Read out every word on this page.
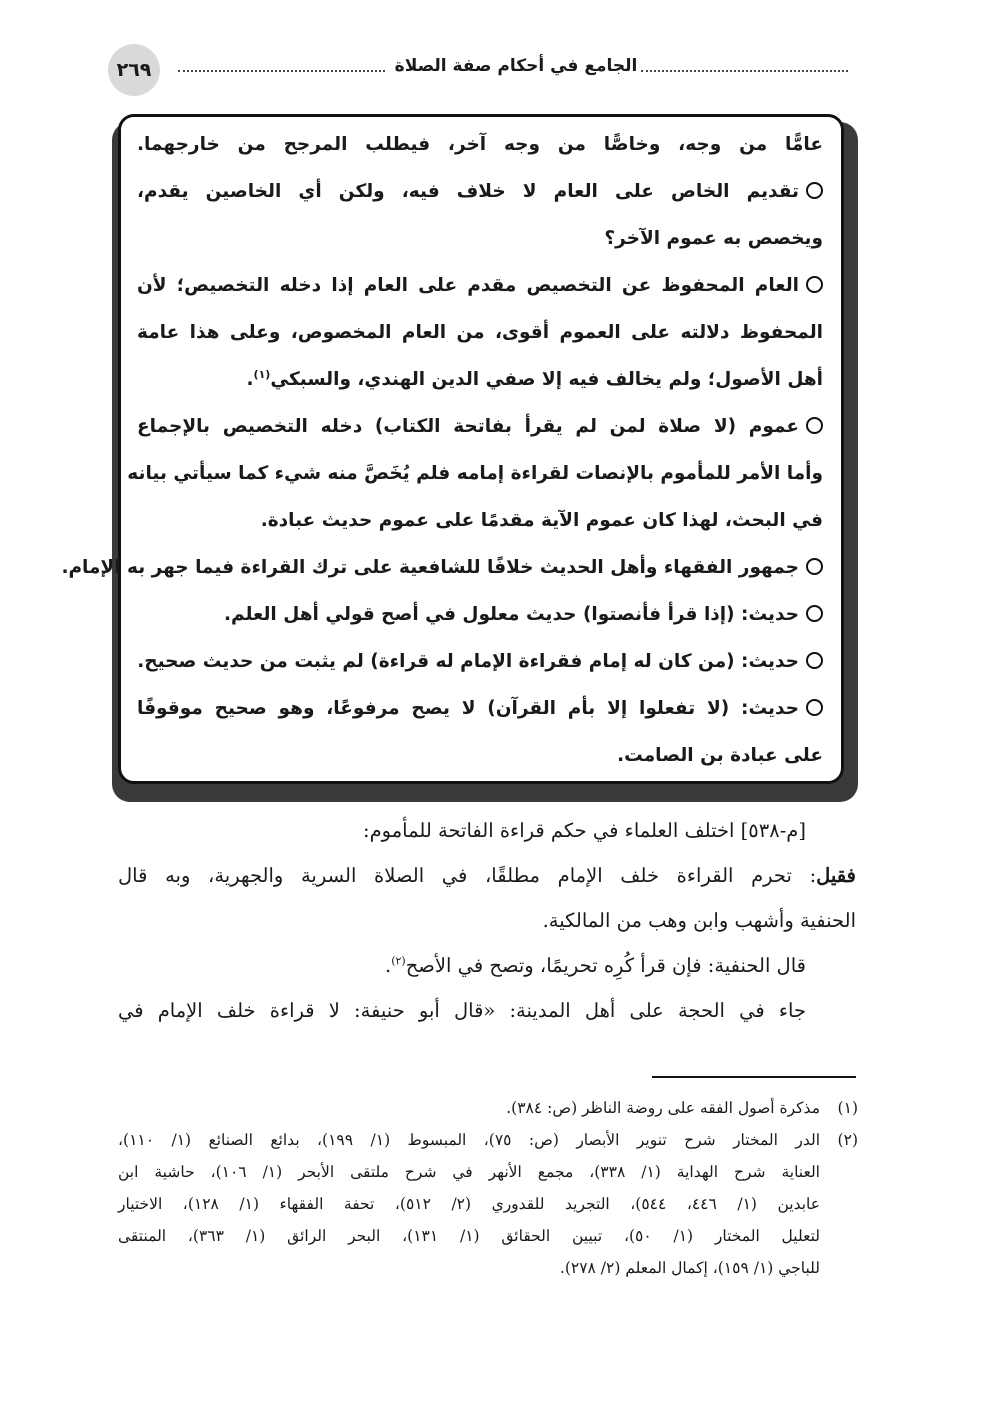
الجامع في أحكام صفة الصلاة
٢٦٩
عامًّا من وجه، وخاصًّا من وجه آخر، فيطلب المرجح من خارجهما.
تقديم الخاص على العام لا خلاف فيه، ولكن أي الخاصين يقدم،
ويخصص به عموم الآخر؟
العام المحفوظ عن التخصيص مقدم على العام إذا دخله التخصيص؛ لأن
المحفوظ دلالته على العموم أقوى، من العام المخصوص، وعلى هذا عامة
أهل الأصول؛ ولم يخالف فيه إلا صفي الدين الهندي، والسبكي$^{(١)}$.
عموم (لا صلاة لمن لم يقرأ بفاتحة الكتاب) دخله التخصيص بالإجماع
وأما الأمر للمأموم بالإنصات لقراءة إمامه فلم يُخَصَّ منه شيء كما سيأتي بيانه
في البحث، لهذا كان عموم الآية مقدمًا على عموم حديث عبادة.
جمهور الفقهاء وأهل الحديث خلافًا للشافعية على ترك القراءة فيما جهر به الإمام.
حديث: (إذا قرأ فأنصتوا) حديث معلول في أصح قولي أهل العلم.
حديث: (من كان له إمام فقراءة الإمام له قراءة) لم يثبت من حديث صحيح.
حديث: (لا تفعلوا إلا بأم القرآن) لا يصح مرفوعًا، وهو صحيح موقوفًا
على عبادة بن الصامت.
[م-٥٣٨] اختلف العلماء في حكم قراءة الفاتحة للمأموم:
فقيل: تحرم القراءة خلف الإمام مطلقًا، في الصلاة السرية والجهرية، وبه قال
الحنفية وأشهب وابن وهب من المالكية.
قال الحنفية: فإن قرأ كُرِه تحريمًا، وتصح في الأصح$^{(٢)}$.
جاء في الحجة على أهل المدينة: «قال أبو حنيفة: لا قراءة خلف الإمام في
(١)
مذكرة أصول الفقه على روضة الناظر (ص: ٣٨٤).
(٢)
الدر المختار شرح تنوير الأبصار (ص: ٧٥)، المبسوط (١/ ١٩٩)، بدائع الصنائع (١/ ١١٠)،
العناية شرح الهداية (١/ ٣٣٨)، مجمع الأنهر في شرح ملتقى الأبحر (١/ ١٠٦)، حاشية ابن
عابدين (١/ ٤٤٦، ٥٤٤)، التجريد للقدوري (٢/ ٥١٢)، تحفة الفقهاء (١/ ١٢٨)، الاختيار
لتعليل المختار (١/ ٥٠)، تبيين الحقائق (١/ ١٣١)، البحر الرائق (١/ ٣٦٣)، المنتقى
للباجي (١/ ١٥٩)، إكمال المعلم (٢/ ٢٧٨).
